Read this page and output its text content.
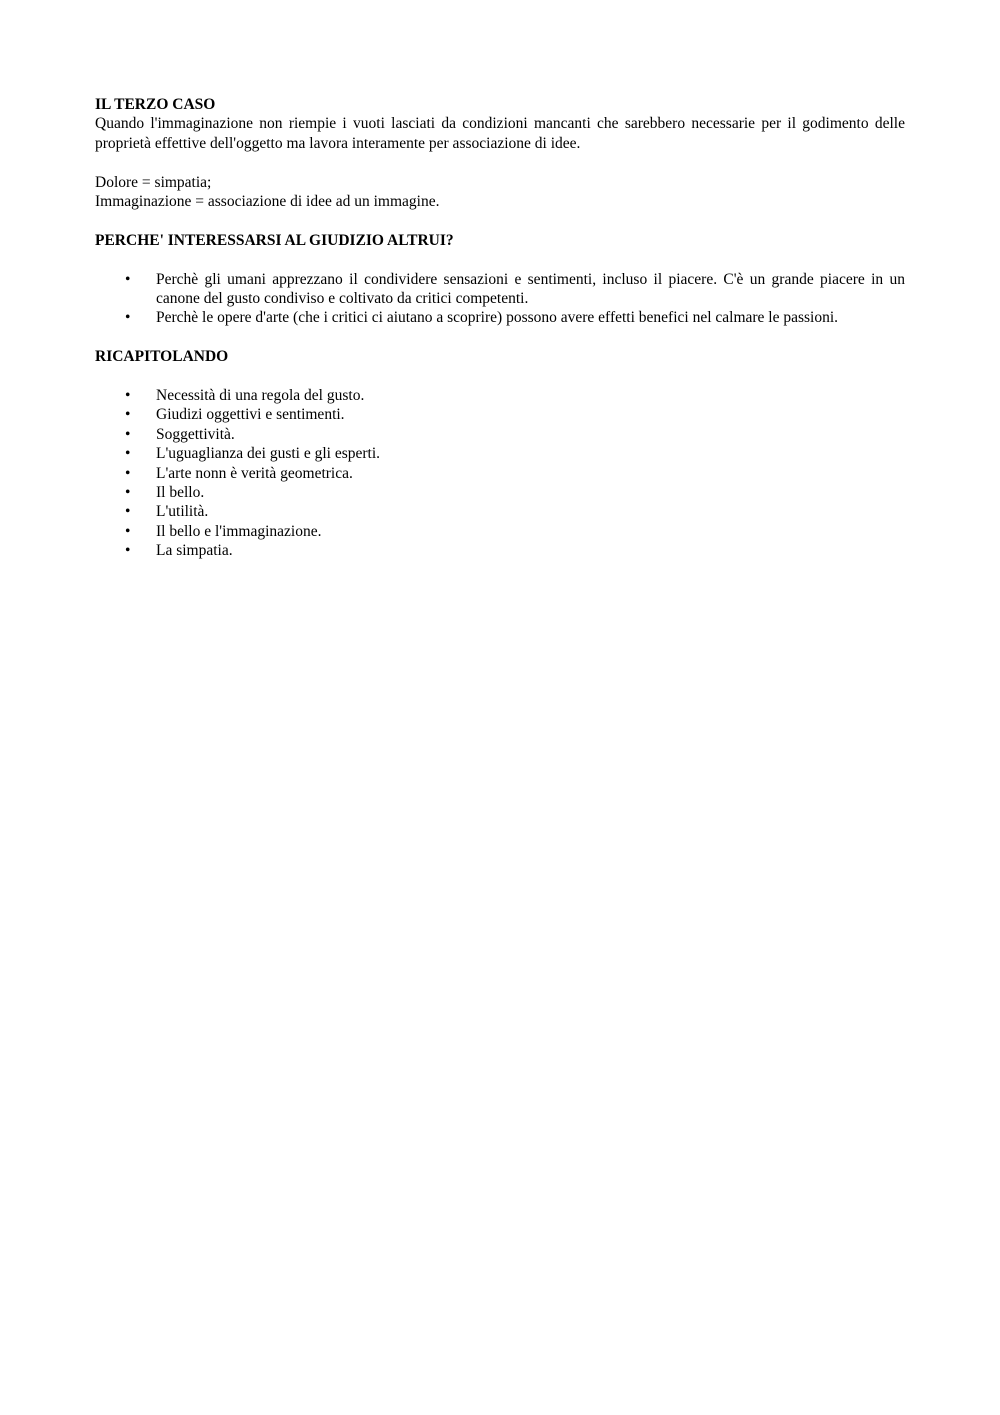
IL TERZO CASO

Quando l'immaginazione non riempie i vuoti lasciati da condizioni mancanti che sarebbero necessarie per il godimento delle proprietà effettive dell'oggetto ma lavora interamente per associazione di idee.

Dolore = simpatia;

Immaginazione = associazione di idee ad un immagine.

PERCHE' INTERESSARSI AL GIUDIZIO ALTRUI?

• Perchè gli umani apprezzano il condividere sensazioni e sentimenti, incluso il piacere. C'è un grande piacere in un canone del gusto condiviso e coltivato da critici competenti.
• Perchè le opere d'arte (che i critici ci aiutano a scoprire) possono avere effetti benefici nel calmare le passioni.

RICAPITOLANDO

• Necessità di una regola del gusto.
• Giudizi oggettivi e sentimenti.
• Soggettività.
• L'uguaglianza dei gusti e gli esperti.
• L'arte nonn è verità geometrica.
• Il bello.
• L'utilità.
• Il bello e l'immaginazione.
• La simpatia.
